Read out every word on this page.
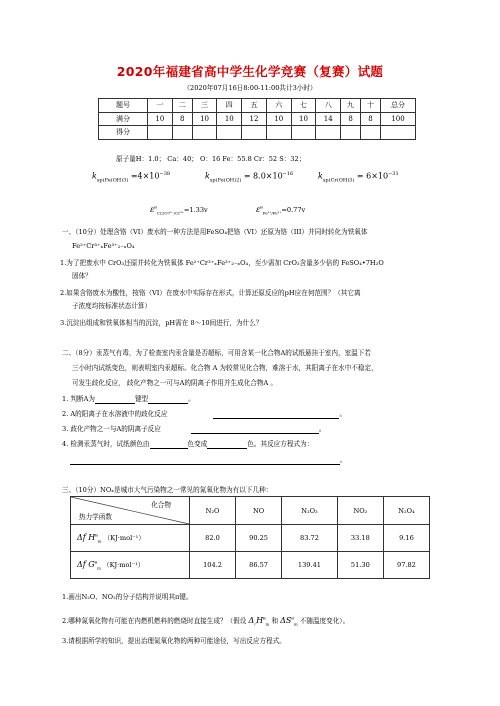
2020年福建省高中学生化学竞赛（复赛）试题
（2020年07月16日8:00-11:00共计3小时）
题号	一	二	三	四	五	六	七	八	九	十	总分
满分	10	8	10	10	12	10	10	14	8	8	100
得分											
原子量H：1.0； Ca：40； O：16 Fe：55.8 Cr：52 S：32；
$k_{sp(Fe(OH)3)} =4\times 10^{-38}$	$k_{sp(Fe(OH)2)} = 8.0\times 10^{-16}$	$k_{sp(Cr(OH)3)} = 6\times 10^{-31}$
$\varepsilon^\theta_{Cr2O7^{2-}/Cr^{3+}}=1.33v$	$\varepsilon^\theta_{Fe^{3+}/Fe^{2+}}=0.77v$
一、（10分）处理含铬（VI）废水的一种方法是用FeSO₄把铬（VI）还原为铬（III）并同时转化为铁氧体
Fe²⁺Cr³⁺ₓFe³⁺₂₋ₓO₄
1.为了把废水中 CrO₃还原并转化为铁氧体 Fe²⁺Cr³⁺ₓFe³⁺₂₋ₓO₄，至少需加 CrO₃含量多少倍的 FeSO₄•7H₂O
固体？
2.如果含铬废水为酸性，按铬（VI）在废水中实际存在形式，计算还原反应的pH应在何范围？（其它离
子浓度均按标准状态计算）
3.沉淀出组成和铁氧体相当的沉淀，pH需在 8～10间进行，为什么？
二、（8分）汞蒸气有毒，为了检查室内汞含量是否超标，可用含某一化合物A的试纸悬挂于室内，室温下若
三小时内试纸变色，则表明室内汞超标。化合物 A 为较常见化合物，难溶于水，其阳离子在水中不稳定，
可发生歧化反应， 歧化产物之一可与A的阴离子作用并生成化合物A 。
1. 判断A为	键型	。
2. A的阳离子在水溶液中的歧化反应	。
3. 歧化产物之一与A的阴离子反应	。
4. 检测汞蒸气时，试纸颜色由	色变成	色。其反应方程式为：
。
三、（10分）NOₓ是城市大气污染物之一常见的氮氧化物为有以下几种：
化合物
热力学函数	N₂O	NO	N₂O₃	NO₂	N₂O₄
Δf $H^\theta_m$ （KJ·mol⁻¹）	82.0	90.25	83.72	33.18	9.16
Δf $G^\theta_m$ （KJ·mol⁻¹）	104.2	86.57	139.41	51.30	97.82
1.画出N₂O、NO₂的分子结构并说明其π键。
2.哪种氮氧化物有可能在内燃机燃料的燃烧时直接生成？（假设 $\Delta_rH^\theta_m$ 和 $\Delta S^\theta_m$ 不随温度变化）。
3.请根据所学的知识，提出治理氮氧化物的两种可能途径，写出反应方程式。
